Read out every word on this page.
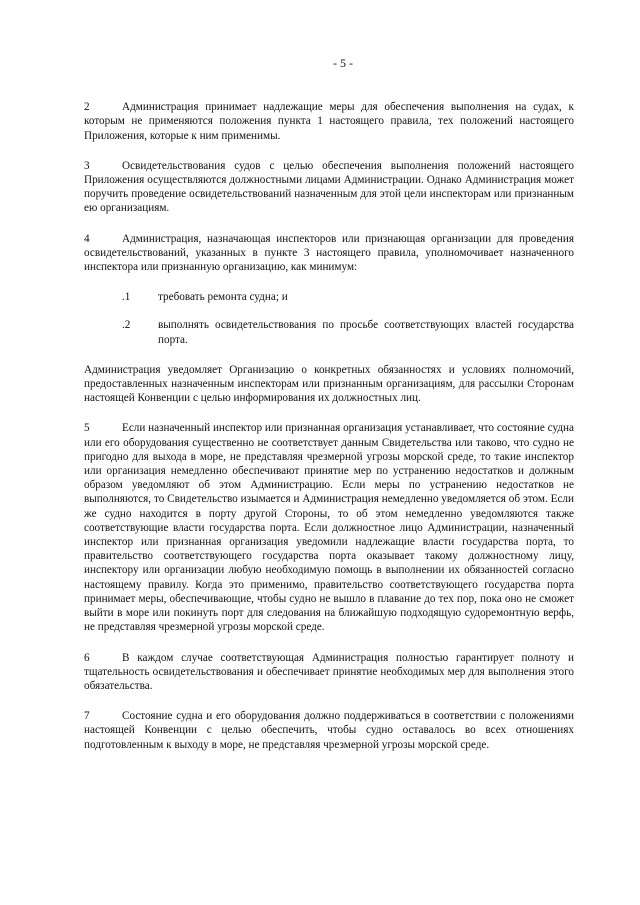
- 5 -

2	Администрация принимает надлежащие меры для обеспечения выполнения на судах, к которым не применяются положения пункта 1 настоящего правила, тех положений настоящего Приложения, которые к ним применимы.

3	Освидетельствования судов с целью обеспечения выполнения положений настоящего Приложения осуществляются должностными лицами Администрации. Однако Администрация может поручить проведение освидетельствований назначенным для этой цели инспекторам или признанным ею организациям.

4	Администрация, назначающая инспекторов или признающая организации для проведения освидетельствований, указанных в пункте 3 настоящего правила, уполномочивает назначенного инспектора или признанную организацию, как минимум:

.1	требовать ремонта судна; и
.2	выполнять освидетельствования по просьбе соответствующих властей государства порта.

Администрация уведомляет Организацию о конкретных обязанностях и условиях полномочий, предоставленных назначенным инспекторам или признанным организациям, для рассылки Сторонам настоящей Конвенции с целью информирования их должностных лиц.

5	Если назначенный инспектор или признанная организация устанавливает, что состояние судна или его оборудования существенно не соответствует данным Свидетельства или таково, что судно не пригодно для выхода в море, не представляя чрезмерной угрозы морской среде, то такие инспектор или организация немедленно обеспечивают принятие мер по устранению недостатков и должным образом уведомляют об этом Администрацию. Если меры по устранению недостатков не выполняются, то Свидетельство изымается и Администрация немедленно уведомляется об этом. Если же судно находится в порту другой Стороны, то об этом немедленно уведомляются также соответствующие власти государства порта. Если должностное лицо Администрации, назначенный инспектор или признанная организация уведомили надлежащие власти государства порта, то правительство соответствующего государства порта оказывает такому должностному лицу, инспектору или организации любую необходимую помощь в выполнении их обязанностей согласно настоящему правилу. Когда это применимо, правительство соответствующего государства порта принимает меры, обеспечивающие, чтобы судно не вышло в плавание до тех пор, пока оно не сможет выйти в море или покинуть порт для следования на ближайшую подходящую судоремонтную верфь, не представляя чрезмерной угрозы морской среде.

6	В каждом случае соответствующая Администрация полностью гарантирует полноту и тщательность освидетельствования и обеспечивает принятие необходимых мер для выполнения этого обязательства.

7	Состояние судна и его оборудования должно поддерживаться в соответствии с положениями настоящей Конвенции с целью обеспечить, чтобы судно оставалось во всех отношениях подготовленным к выходу в море, не представляя чрезмерной угрозы морской среде.
